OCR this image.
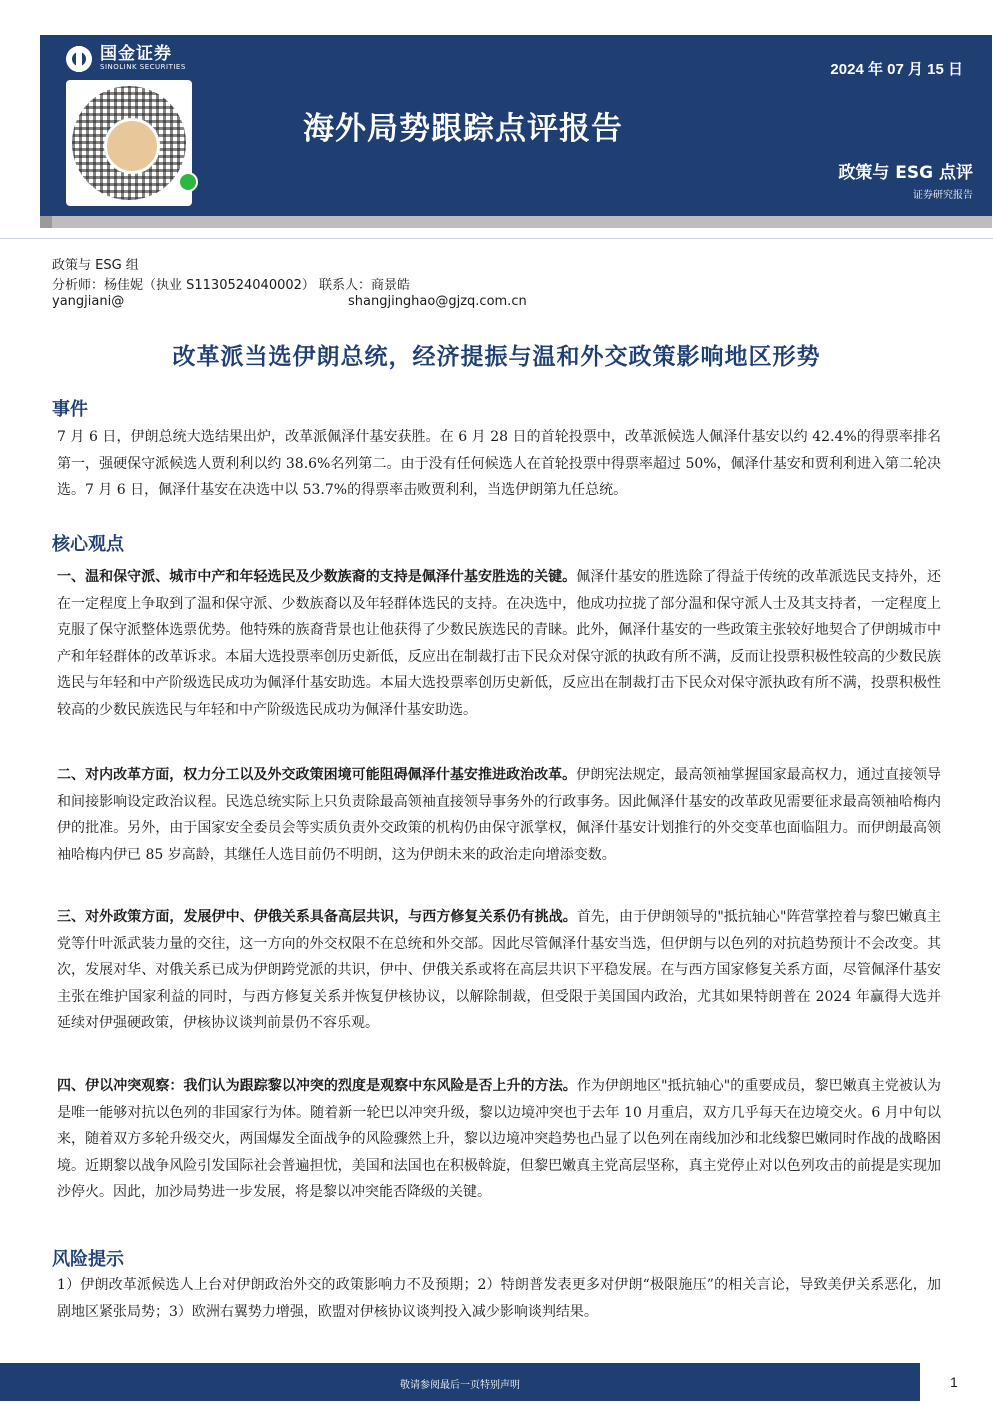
国金证券
SINOLINK SECURITIES	2024 年 07 月 15 日
海外局势跟踪点评报告
政策与 ESG 点评
证券研究报告
政策与 ESG 组
分析师：杨佳妮（执业 S1130524040002） 联系人：商景皓
yangjiani@	shangjinghao@gjzq.com.cn
改革派当选伊朗总统，经济提振与温和外交政策影响地区形势
事件

7 月 6 日，伊朗总统大选结果出炉，改革派佩泽什基安获胜。在 6 月 28 日的首轮投票中，改革派候选人佩泽什基安以约 42.4%的得票率排名第一，强硬保守派候选人贾利利以约 38.6%名列第二。由于没有任何候选人在首轮投票中得票率超过 50%，佩泽什基安和贾利利进入第二轮决选。7 月 6 日，佩泽什基安在决选中以 53.7%的得票率击败贾利利，当选伊朗第九任总统。

核心观点

一、温和保守派、城市中产和年轻选民及少数族裔的支持是佩泽什基安胜选的关键。佩泽什基安的胜选除了得益于传统的改革派选民支持外，还在一定程度上争取到了温和保守派、少数族裔以及年轻群体选民的支持。在决选中，他成功拉拢了部分温和保守派人士及其支持者，一定程度上克服了保守派整体选票优势。他特殊的族裔背景也让他获得了少数民族选民的青睐。此外，佩泽什基安的一些政策主张较好地契合了伊朗城市中产和年轻群体的改革诉求。本届大选投票率创历史新低，反应出在制裁打击下民众对保守派的执政有所不满，反而让投票积极性较高的少数民族选民与年轻和中产阶级选民成功为佩泽什基安助选。本届大选投票率创历史新低，反应出在制裁打击下民众对保守派执政有所不满，投票积极性较高的少数民族选民与年轻和中产阶级选民成功为佩泽什基安助选。

二、对内改革方面，权力分工以及外交政策困境可能阻碍佩泽什基安推进政治改革。伊朗宪法规定，最高领袖掌握国家最高权力，通过直接领导和间接影响设定政治议程。民选总统实际上只负责除最高领袖直接领导事务外的行政事务。因此佩泽什基安的改革政见需要征求最高领袖哈梅内伊的批准。另外，由于国家安全委员会等实质负责外交政策的机构仍由保守派掌权，佩泽什基安计划推行的外交变革也面临阻力。而伊朗最高领袖哈梅内伊已 85 岁高龄，其继任人选目前仍不明朗，这为伊朗未来的政治走向增添变数。

三、对外政策方面，发展伊中、伊俄关系具备高层共识，与西方修复关系仍有挑战。首先，由于伊朗领导的"抵抗轴心"阵营掌控着与黎巴嫩真主党等什叶派武装力量的交往，这一方向的外交权限不在总统和外交部。因此尽管佩泽什基安当选，但伊朗与以色列的对抗趋势预计不会改变。其次，发展对华、对俄关系已成为伊朗跨党派的共识，伊中、伊俄关系或将在高层共识下平稳发展。在与西方国家修复关系方面，尽管佩泽什基安主张在维护国家利益的同时，与西方修复关系并恢复伊核协议，以解除制裁，但受限于美国国内政治，尤其如果特朗普在 2024 年赢得大选并延续对伊强硬政策，伊核协议谈判前景仍不容乐观。

四、伊以冲突观察：我们认为跟踪黎以冲突的烈度是观察中东风险是否上升的方法。作为伊朗地区"抵抗轴心"的重要成员，黎巴嫩真主党被认为是唯一能够对抗以色列的非国家行为体。随着新一轮巴以冲突升级，黎以边境冲突也于去年 10 月重启，双方几乎每天在边境交火。6 月中旬以来，随着双方多轮升级交火，两国爆发全面战争的风险骤然上升，黎以边境冲突趋势也凸显了以色列在南线加沙和北线黎巴嫩同时作战的战略困境。近期黎以战争风险引发国际社会普遍担忧，美国和法国也在积极斡旋，但黎巴嫩真主党高层坚称，真主党停止对以色列攻击的前提是实现加沙停火。因此，加沙局势进一步发展，将是黎以冲突能否降级的关键。

风险提示

1）伊朗改革派候选人上台对伊朗政治外交的政策影响力不及预期；2）特朗普发表更多对伊朗“极限施压”的相关言论，导致美伊关系恶化，加剧地区紧张局势；3）欧洲右翼势力增强，欧盟对伊核协议谈判投入减少影响谈判结果。

敬请参阅最后一页特别声明	1
